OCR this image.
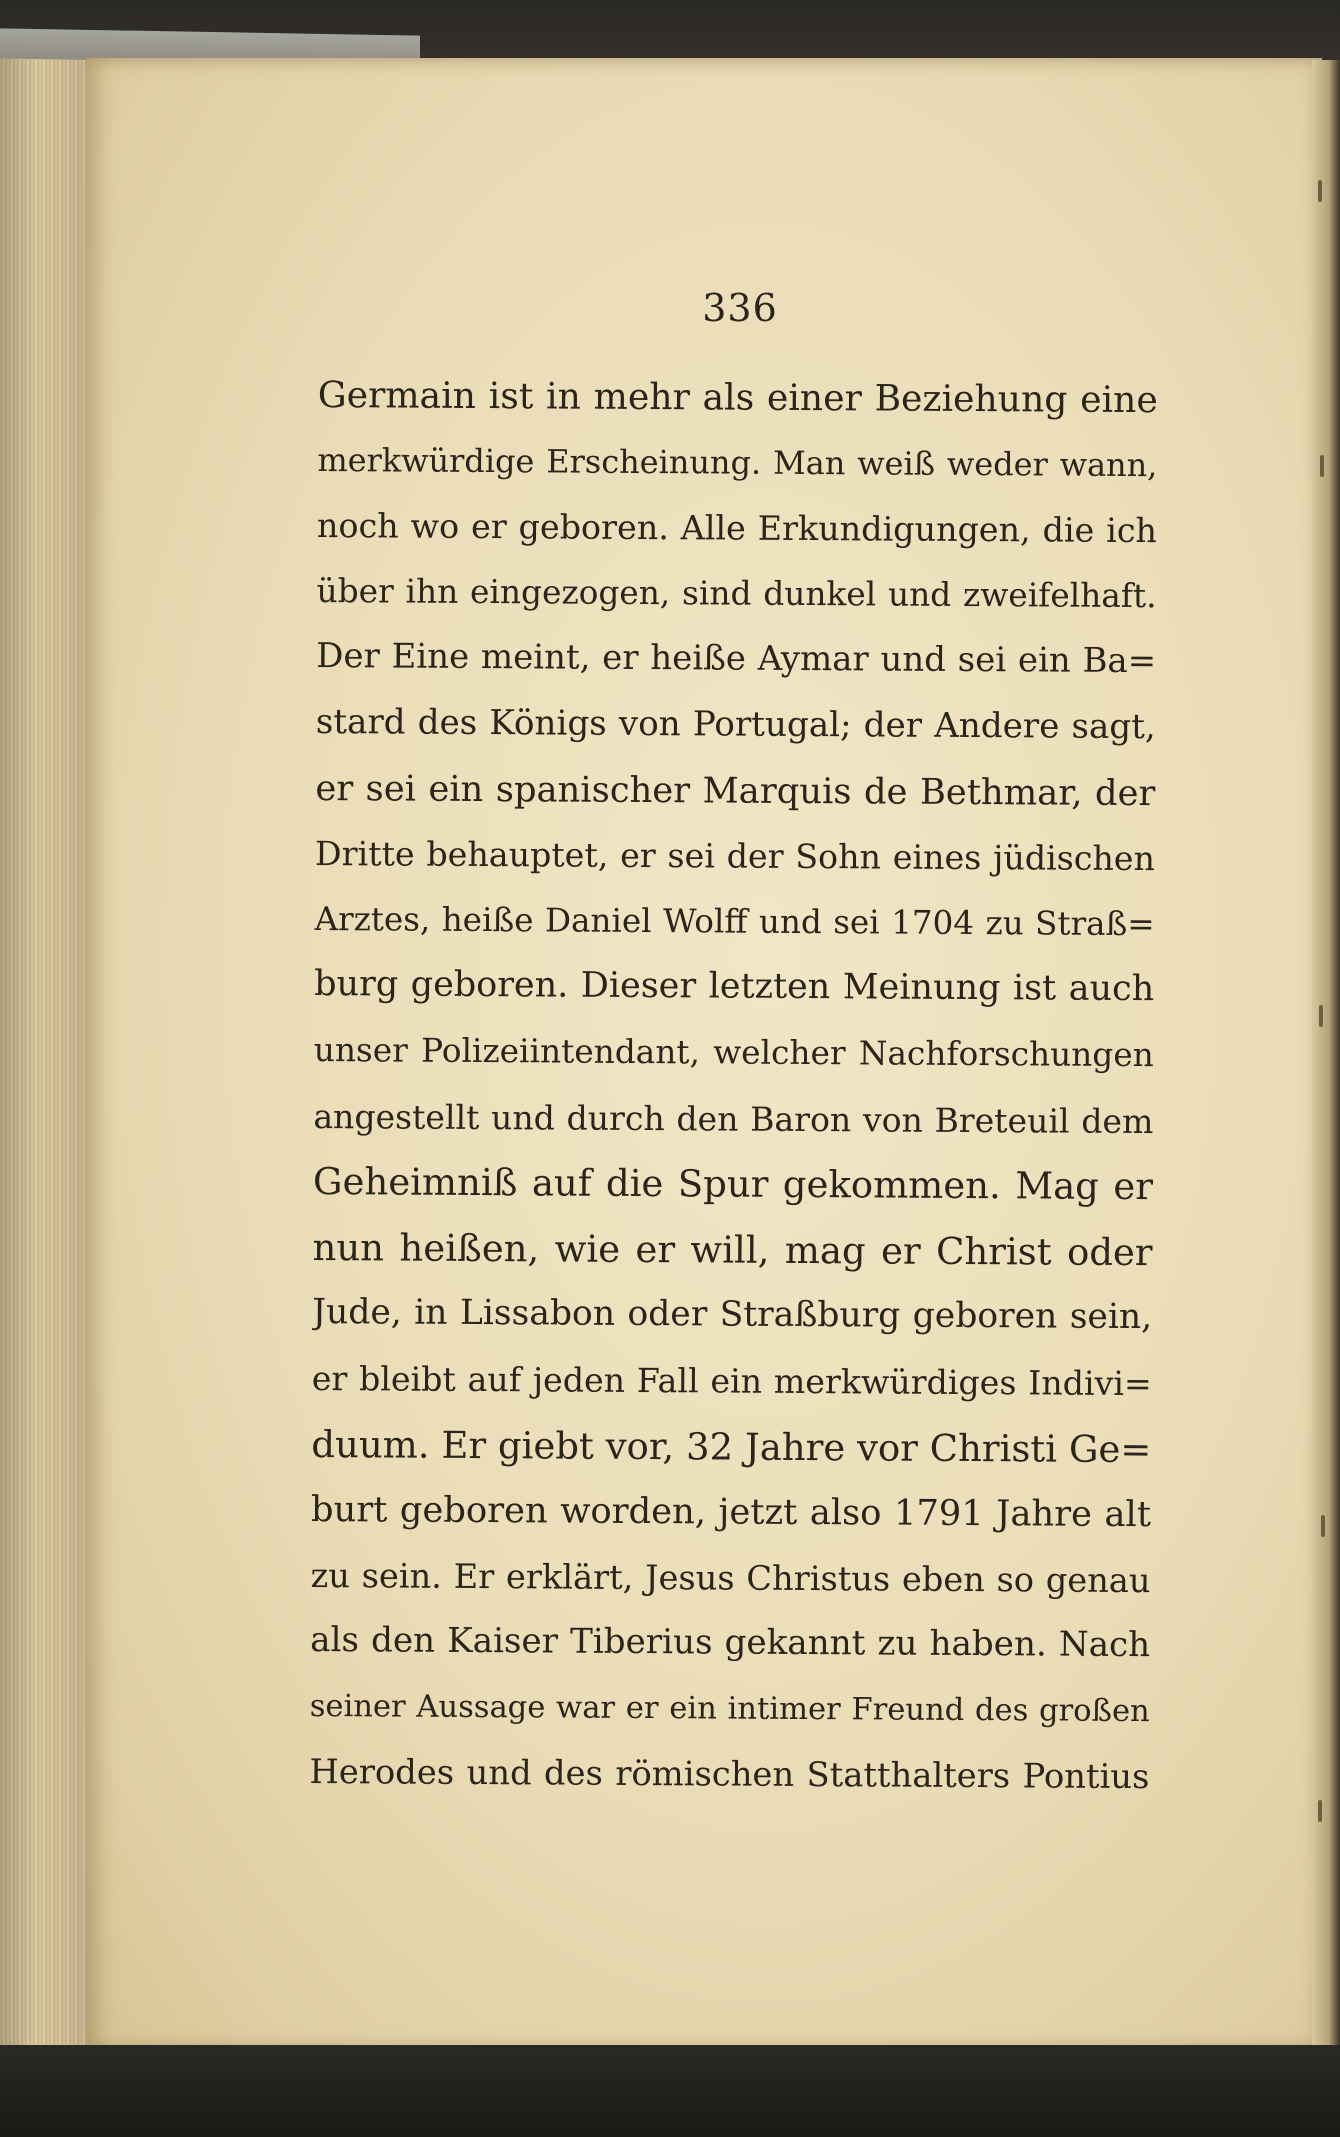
336
Germain ist in mehr als einer Beziehung eine
merkwürdige Erscheinung. Man weiß weder wann,
noch wo er geboren. Alle Erkundigungen, die ich
über ihn eingezogen, sind dunkel und zweifelhaft.
Der Eine meint, er heiße Aymar und sei ein Ba=
stard des Königs von Portugal; der Andere sagt,
er sei ein spanischer Marquis de Bethmar, der
Dritte behauptet, er sei der Sohn eines jüdischen
Arztes, heiße Daniel Wolff und sei 1704 zu Straß=
burg geboren. Dieser letzten Meinung ist auch
unser Polizeiintendant, welcher Nachforschungen
angestellt und durch den Baron von Breteuil dem
Geheimniß auf die Spur gekommen. Mag er
nun heißen, wie er will, mag er Christ oder
Jude, in Lissabon oder Straßburg geboren sein,
er bleibt auf jeden Fall ein merkwürdiges Indivi=
duum. Er giebt vor, 32 Jahre vor Christi Ge=
burt geboren worden, jetzt also 1791 Jahre alt
zu sein. Er erklärt, Jesus Christus eben so genau
als den Kaiser Tiberius gekannt zu haben. Nach
seiner Aussage war er ein intimer Freund des großen
Herodes und des römischen Statthalters Pontius
